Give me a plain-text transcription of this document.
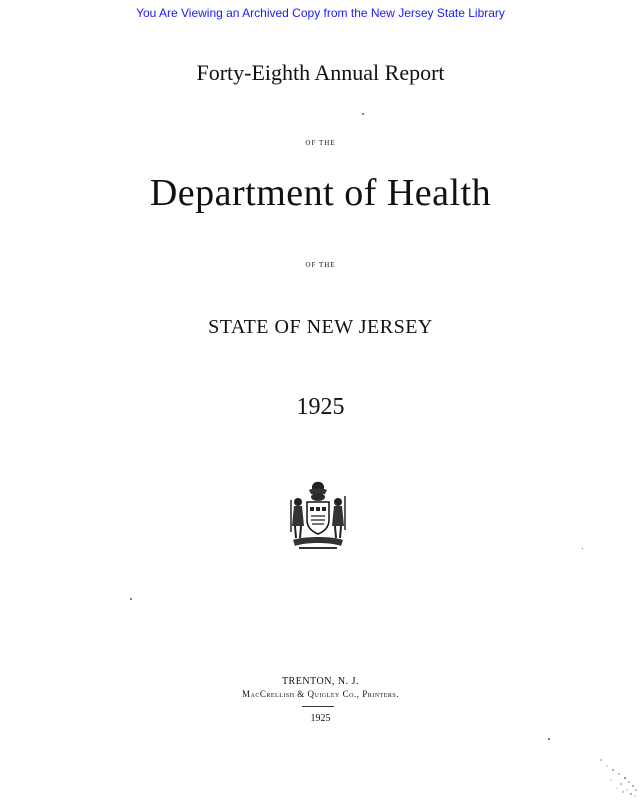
You Are Viewing an Archived Copy from the New Jersey State Library
Forty-Eighth Annual Report
OF THE
Department of Health
OF THE
STATE OF NEW JERSEY
1925
TRENTON, N. J.
MacCrellish & Quigley Co., Printers.
1925
